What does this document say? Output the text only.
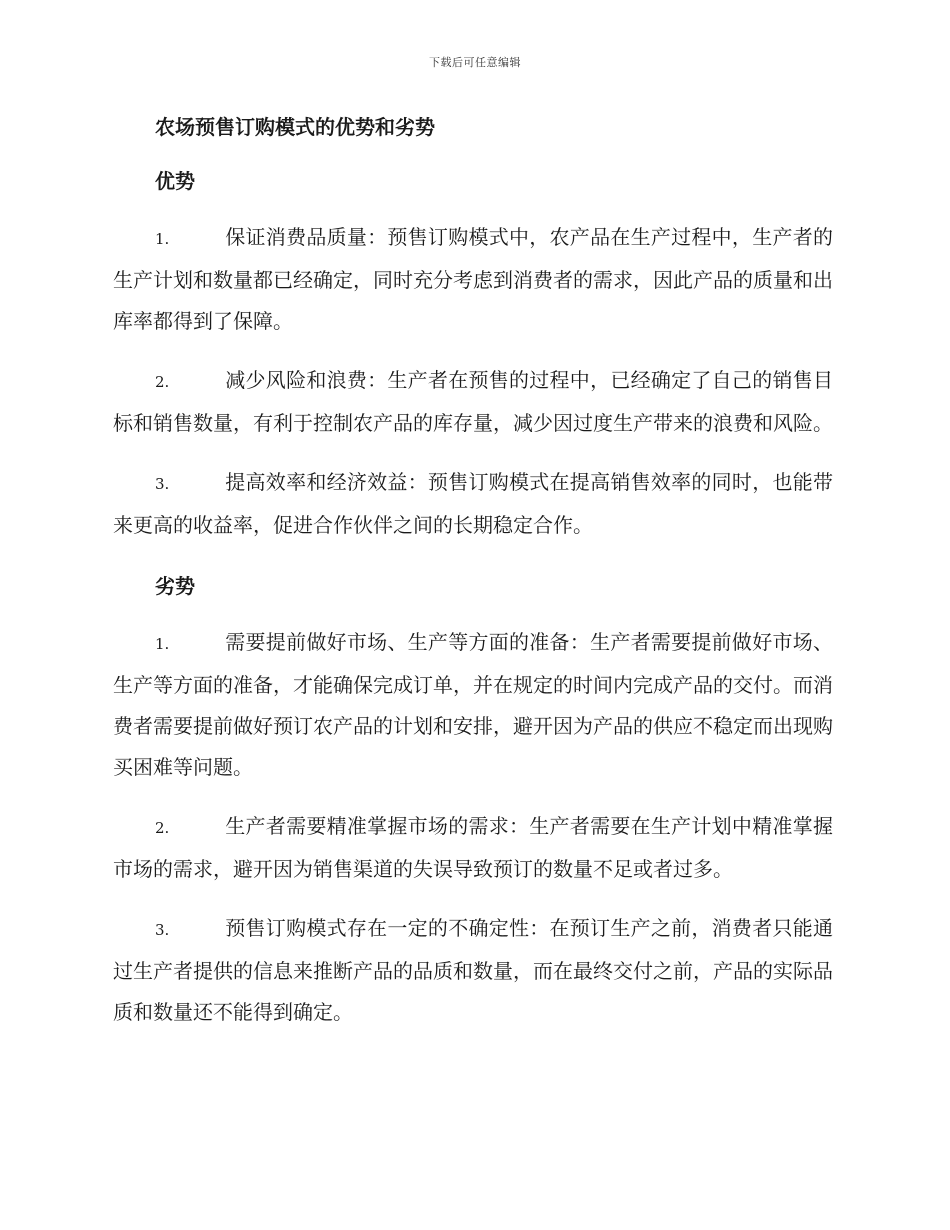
下载后可任意编辑
农场预售订购模式的优势和劣势
优势

1.	保证消费品质量：预售订购模式中，农产品在生产过程中，生产者的生产计划和数量都已经确定，同时充分考虑到消费者的需求，因此产品的质量和出库率都得到了保障。

2.	减少风险和浪费：生产者在预售的过程中，已经确定了自己的销售目标和销售数量，有利于控制农产品的库存量，减少因过度生产带来的浪费和风险。

3.	提高效率和经济效益：预售订购模式在提高销售效率的同时，也能带来更高的收益率，促进合作伙伴之间的长期稳定合作。

劣势

1.	需要提前做好市场、生产等方面的准备：生产者需要提前做好市场、生产等方面的准备，才能确保完成订单，并在规定的时间内完成产品的交付。而消费者需要提前做好预订农产品的计划和安排，避开因为产品的供应不稳定而出现购买困难等问题。

2.	生产者需要精准掌握市场的需求：生产者需要在生产计划中精准掌握市场的需求，避开因为销售渠道的失误导致预订的数量不足或者过多。

3.	预售订购模式存在一定的不确定性：在预订生产之前，消费者只能通过生产者提供的信息来推断产品的品质和数量，而在最终交付之前，产品的实际品质和数量还不能得到确定。
